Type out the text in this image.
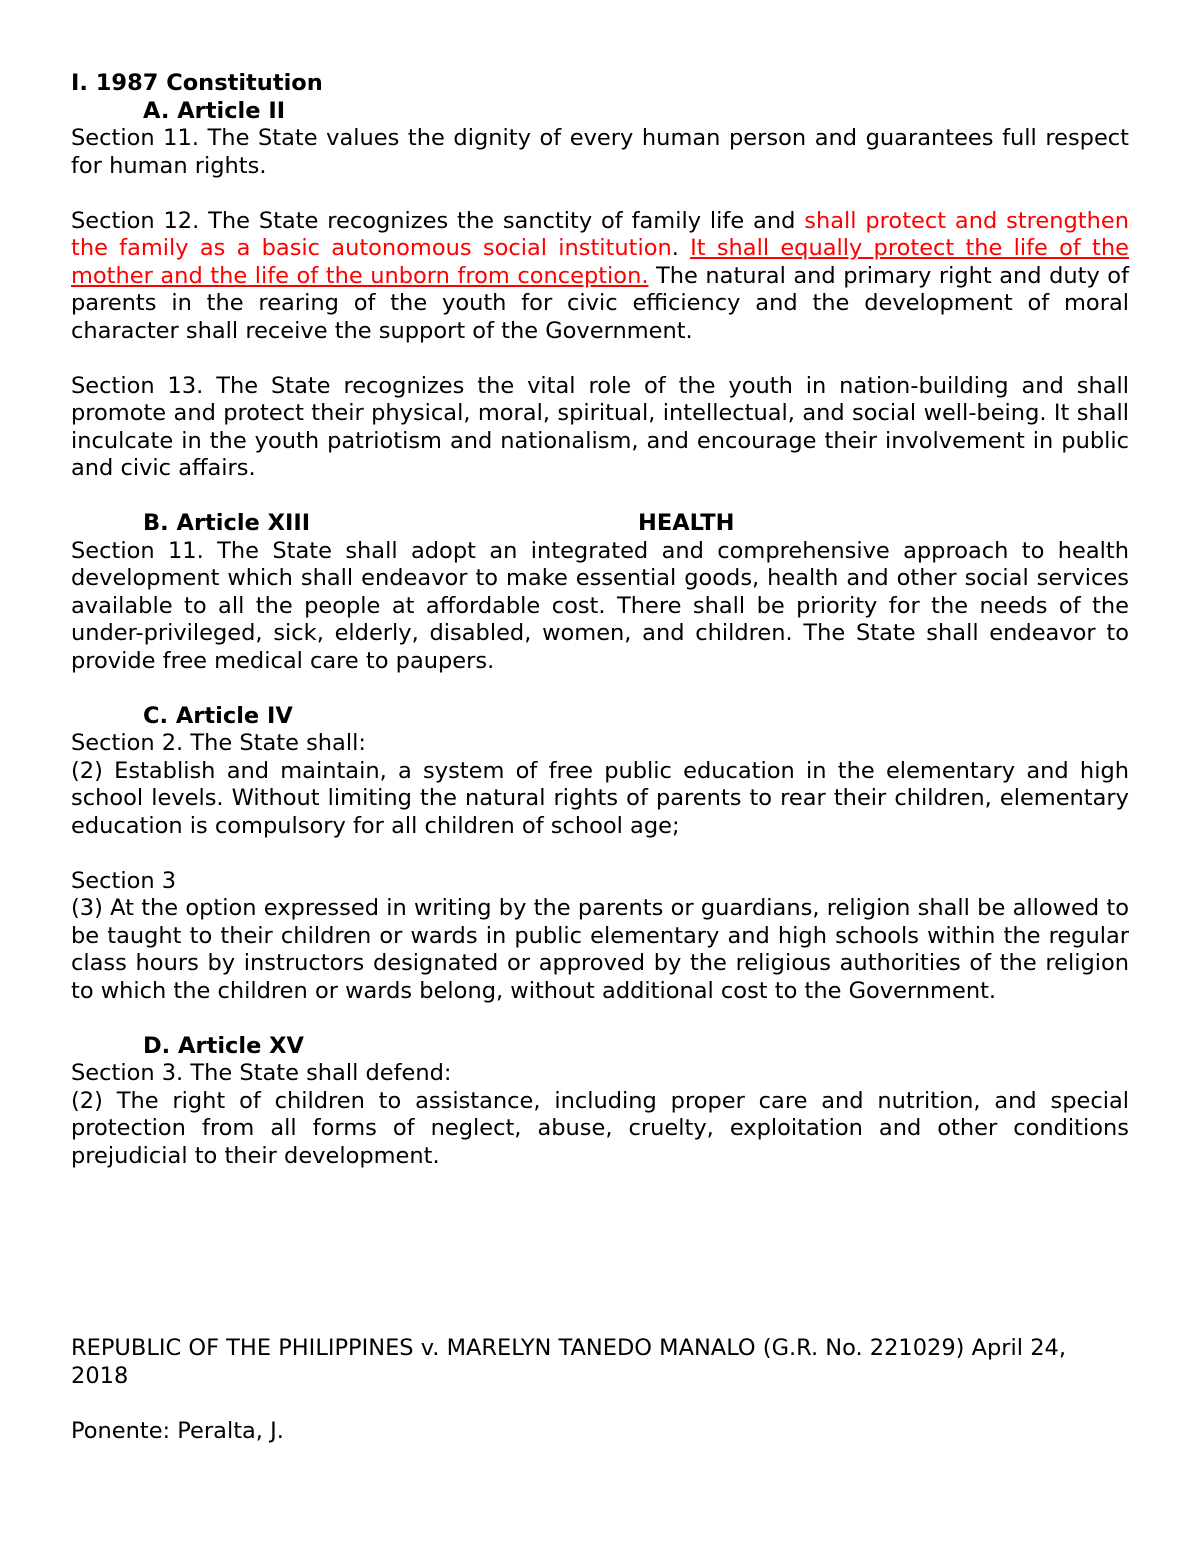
I. 1987 Constitution

A. Article II

Section 11. The State values the dignity of every human person and guarantees full respect for human rights.

Section 12. The State recognizes the sanctity of family life and shall protect and strengthen the family as a basic autonomous social institution. It shall equally protect the life of the mother and the life of the unborn from conception. The natural and primary right and duty of parents in the rearing of the youth for civic efficiency and the development of moral character shall receive the support of the Government.

Section 13. The State recognizes the vital role of the youth in nation-building and shall promote and protect their physical, moral, spiritual, intellectual, and social well-being. It shall inculcate in the youth patriotism and nationalism, and encourage their involvement in public and civic affairs.

B. Article XIII	HEALTH

Section 11. The State shall adopt an integrated and comprehensive approach to health development which shall endeavor to make essential goods, health and other social services available to all the people at affordable cost. There shall be priority for the needs of the under-privileged, sick, elderly, disabled, women, and children. The State shall endeavor to provide free medical care to paupers.

C. Article IV

Section 2. The State shall:

(2) Establish and maintain, a system of free public education in the elementary and high school levels. Without limiting the natural rights of parents to rear their children, elementary education is compulsory for all children of school age;

Section 3

(3) At the option expressed in writing by the parents or guardians, religion shall be allowed to be taught to their children or wards in public elementary and high schools within the regular class hours by instructors designated or approved by the religious authorities of the religion to which the children or wards belong, without additional cost to the Government.

D. Article XV

Section 3. The State shall defend:

(2) The right of children to assistance, including proper care and nutrition, and special protection from all forms of neglect, abuse, cruelty, exploitation and other conditions prejudicial to their development.

REPUBLIC OF THE PHILIPPINES v. MARELYN TANEDO MANALO (G.R. No. 221029) April 24, 2018

Ponente: Peralta, J.
